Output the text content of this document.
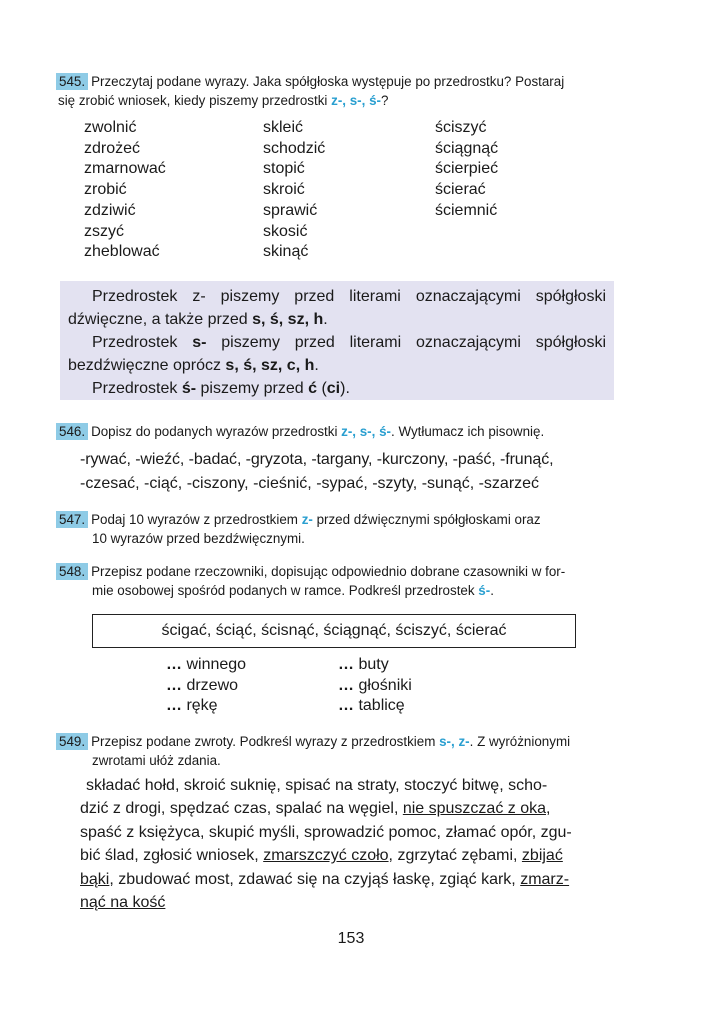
545. Przeczytaj podane wyrazy. Jaka spółgłoska występuje po przedrostku? Postaraj
się zrobić wniosek, kiedy piszemy przedrostki z-, s-, ś-?
zwolnić
zdrożeć
zmarnować
zrobić
zdziwić
zszyć
zheblować
skleić
schodzić
stopić
skroić
sprawić
skosić
skinąć
ściszyć
ściągnąć
ścierpieć
ścierać
ściemnić

Przedrostek z- piszemy przed literami oznaczającymi spółgłoski dźwięczne, a także przed s, ś, sz, h.

Przedrostek s- piszemy przed literami oznaczającymi spółgłoski bezdźwięczne oprócz s, ś, sz, c, h.

Przedrostek ś- piszemy przed ć (ci).

546. Dopisz do podanych wyrazów przedrostki z-, s-, ś-. Wytłumacz ich pisownię.
-rywać, -wieźć, -badać, -gryzota, -targany, -kurczony, -paść, -frunąć,
-czesać, -ciąć, -ciszony, -cieśnić, -sypać, -szyty, -sunąć, -szarzeć
547. Podaj 10 wyrazów z przedrostkiem z- przed dźwięcznymi spółgłoskami oraz
10 wyrazów przed bezdźwięcznymi.
548. Przepisz podane rzeczowniki, dopisując odpowiednio dobrane czasowniki w for-
mie osobowej spośród podanych w ramce. Podkreśl przedrostek ś-.
ścigać, ściąć, ścisnąć, ściągnąć, ściszyć, ścierać
… winnego
… drzewo
… rękę
… buty
… głośniki
… tablicę
549. Przepisz podane zwroty. Podkreśl wyrazy z przedrostkiem s-, z-. Z wyróżnionymi
zwrotami ułóż zdania.
składać hołd, skroić suknię, spisać na straty, stoczyć bitwę, scho-
dzić z drogi, spędzać czas, spalać na węgiel, nie spuszczać z oka,
spaść z księżyca, skupić myśli, sprowadzić pomoc, złamać opór, zgu-
bić ślad, zgłosić wniosek, zmarszczyć czoło, zgrzytać zębami, zbijać
bąki, zbudować most, zdawać się na czyjąś łaskę, zgiąć kark, zmarz-
nąć na kość
153
